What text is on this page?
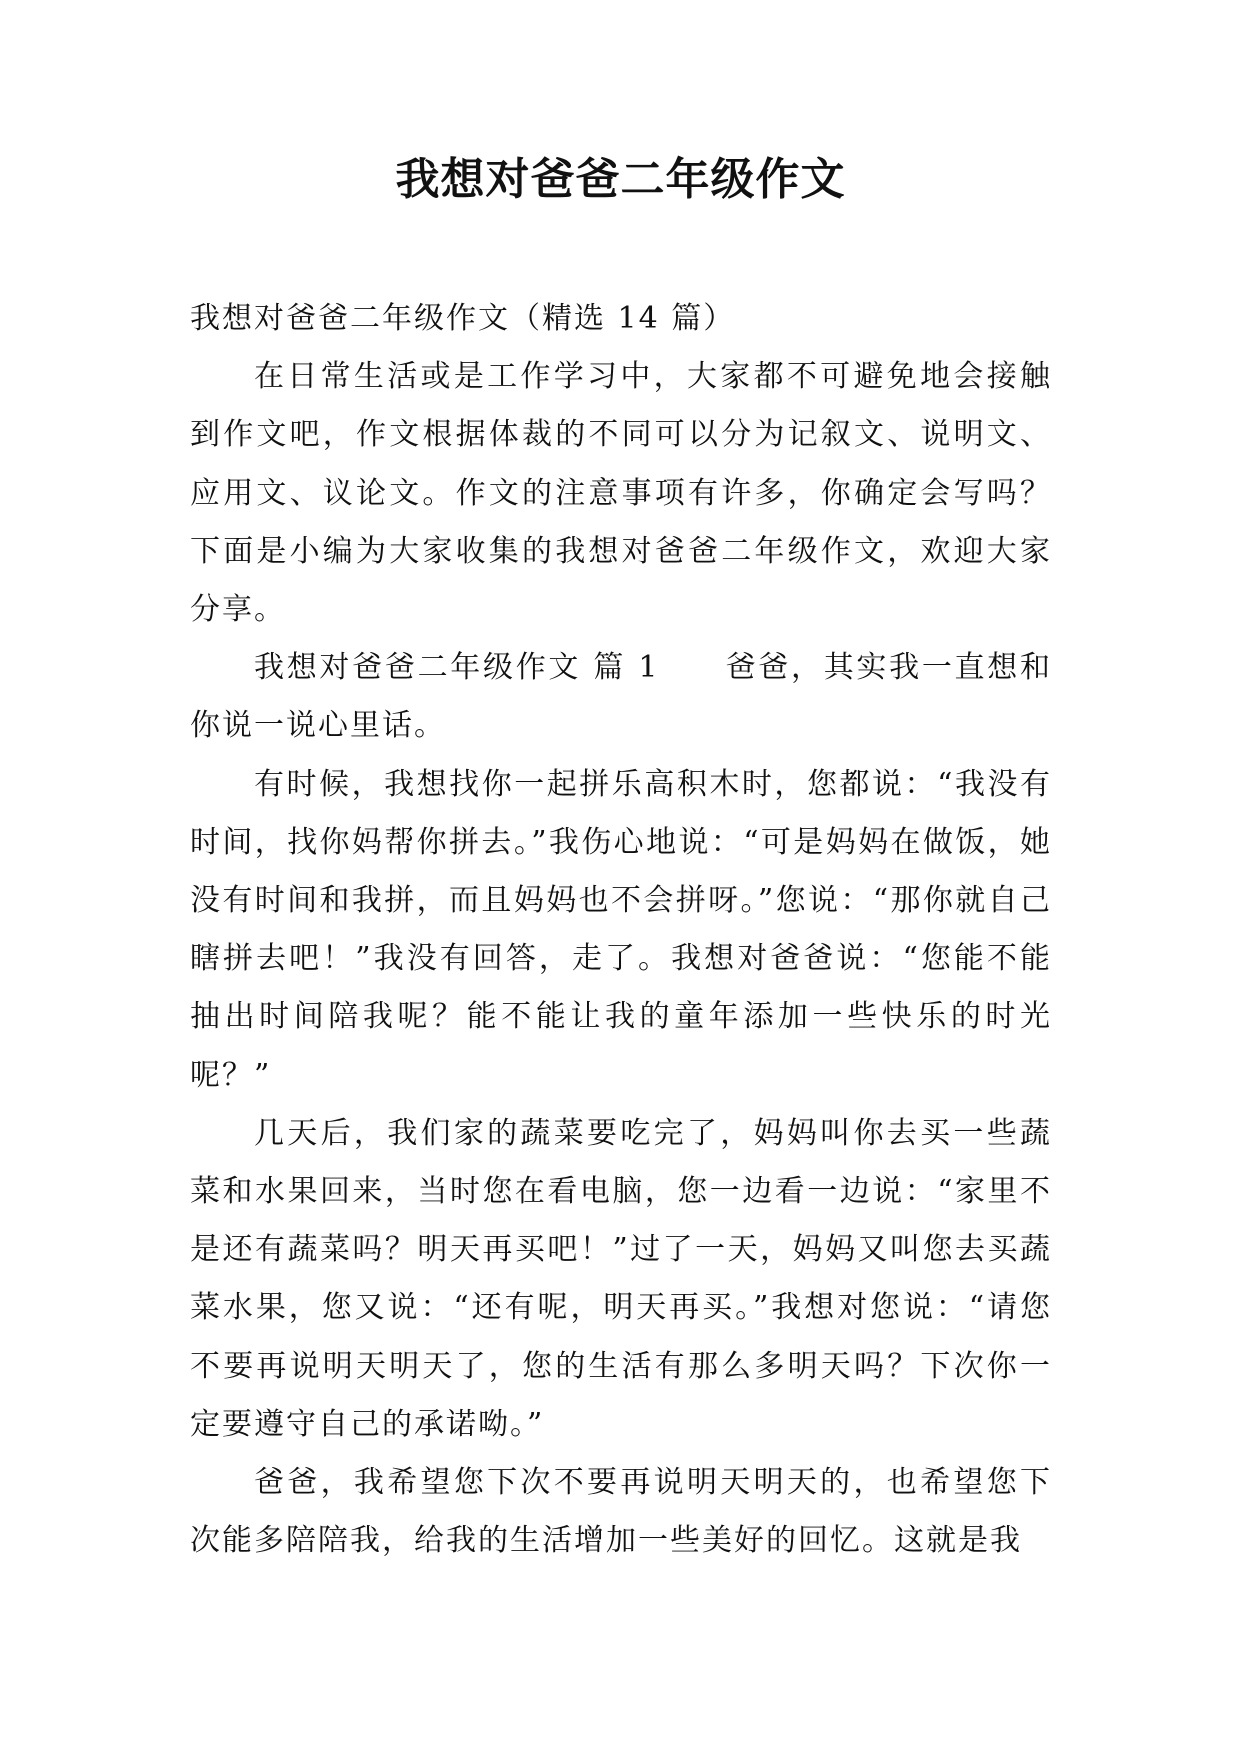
我想对爸爸二年级作文

我想对爸爸二年级作文（精选 14 篇）

在日常生活或是工作学习中，大家都不可避免地会接触到作文吧，作文根据体裁的不同可以分为记叙文、说明文、应用文、议论文。作文的注意事项有许多，你确定会写吗？下面是小编为大家收集的我想对爸爸二年级作文，欢迎大家分享。

我想对爸爸二年级作文 篇 1　　爸爸，其实我一直想和你说一说心里话。

有时候，我想找你一起拼乐高积木时，您都说：“我没有时间，找你妈帮你拼去。”我伤心地说：“可是妈妈在做饭，她没有时间和我拼，而且妈妈也不会拼呀。”您说：“那你就自己瞎拼去吧！”我没有回答，走了。我想对爸爸说：“您能不能抽出时间陪我呢？能不能让我的童年添加一些快乐的时光呢？”

几天后，我们家的蔬菜要吃完了，妈妈叫你去买一些蔬菜和水果回来，当时您在看电脑，您一边看一边说：“家里不是还有蔬菜吗？明天再买吧！”过了一天，妈妈又叫您去买蔬菜水果，您又说：“还有呢，明天再买。”我想对您说：“请您不要再说明天明天了，您的生活有那么多明天吗？下次你一定要遵守自己的承诺呦。”

爸爸，我希望您下次不要再说明天明天的，也希望您下次能多陪陪我，给我的生活增加一些美好的回忆。这就是我
